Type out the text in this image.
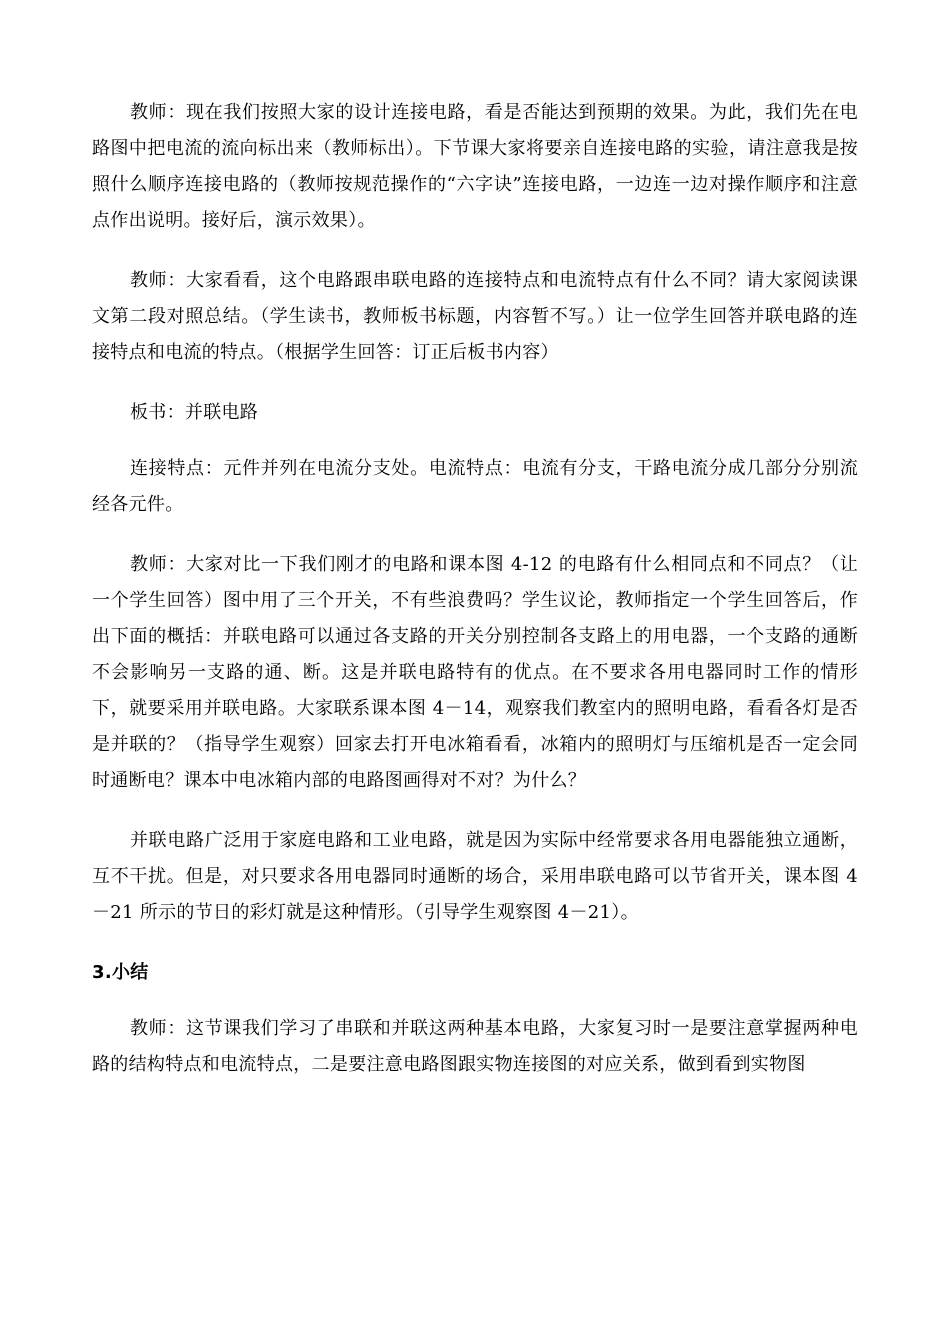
教师：现在我们按照大家的设计连接电路，看是否能达到预期的效果。为此，我们先在电路图中把电流的流向标出来（教师标出）。下节课大家将要亲自连接电路的实验，请注意我是按照什么顺序连接电路的（教师按规范操作的“六字诀”连接电路，一边连一边对操作顺序和注意点作出说明。接好后，演示效果）。

教师：大家看看，这个电路跟串联电路的连接特点和电流特点有什么不同？请大家阅读课文第二段对照总结。（学生读书，教师板书标题，内容暂不写。）让一位学生回答并联电路的连接特点和电流的特点。（根据学生回答：订正后板书内容）

板书：并联电路

连接特点：元件并列在电流分支处。电流特点：电流有分支，干路电流分成几部分分别流经各元件。

教师：大家对比一下我们刚才的电路和课本图 4-12 的电路有什么相同点和不同点？（让一个学生回答）图中用了三个开关，不有些浪费吗？学生议论，教师指定一个学生回答后，作出下面的概括：并联电路可以通过各支路的开关分别控制各支路上的用电器，一个支路的通断不会影响另一支路的通、断。这是并联电路特有的优点。在不要求各用电器同时工作的情形下，就要采用并联电路。大家联系课本图 4－14，观察我们教室内的照明电路，看看各灯是否是并联的？（指导学生观察）回家去打开电冰箱看看，冰箱内的照明灯与压缩机是否一定会同时通断电？课本中电冰箱内部的电路图画得对不对？为什么？

并联电路广泛用于家庭电路和工业电路，就是因为实际中经常要求各用电器能独立通断，互不干扰。但是，对只要求各用电器同时通断的场合，采用串联电路可以节省开关，课本图 4－21 所示的节日的彩灯就是这种情形。（引导学生观察图 4－21）。

3.小结

教师：这节课我们学习了串联和并联这两种基本电路，大家复习时一是要注意掌握两种电路的结构特点和电流特点，二是要注意电路图跟实物连接图的对应关系，做到看到实物图
